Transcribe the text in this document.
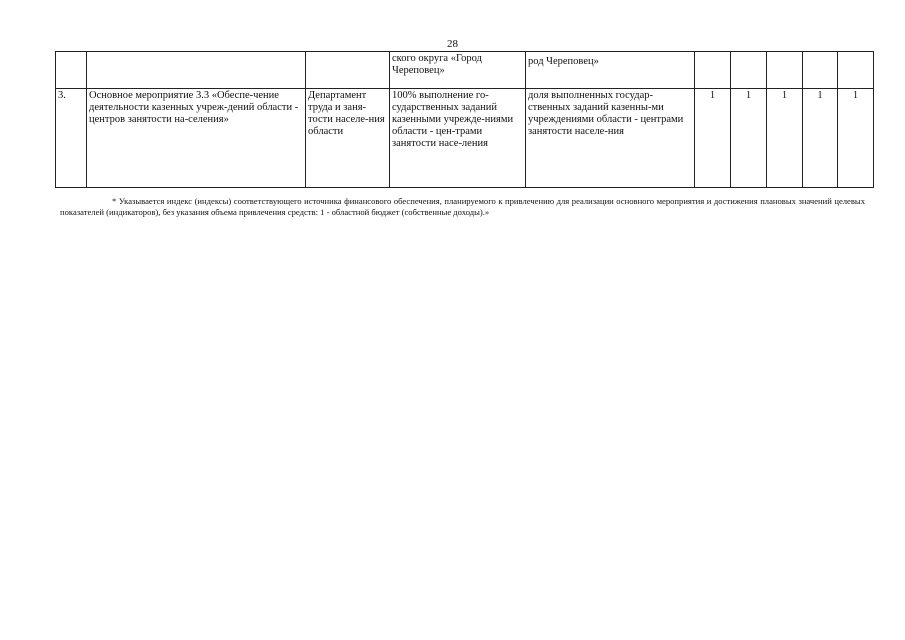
28
			ского округа «Город Череповец»	род Череповец»					
3.	Основное мероприятие 3.3 «Обеспе-чение деятельности казенных учреж-дений области - центров занятости на-селения»	Департамент труда и заня-тости населе-ния области	100% выполнение го-сударственных заданий казенными учрежде-ниями области - цен-трами занятости насе-ления	доля выполненных государ-ственных заданий казенны-ми учреждениями области - центрами занятости населе-ния	1	1	1	1	1
* Указывается индекс (индексы) соответствующего источника финансового обеспечения, планируемого к привлечению для реализации основного мероприятия и достижения плановых значений целевых показателей (индикаторов), без указания объема привлечения средств: 1 - областной бюджет (собственные доходы).»
